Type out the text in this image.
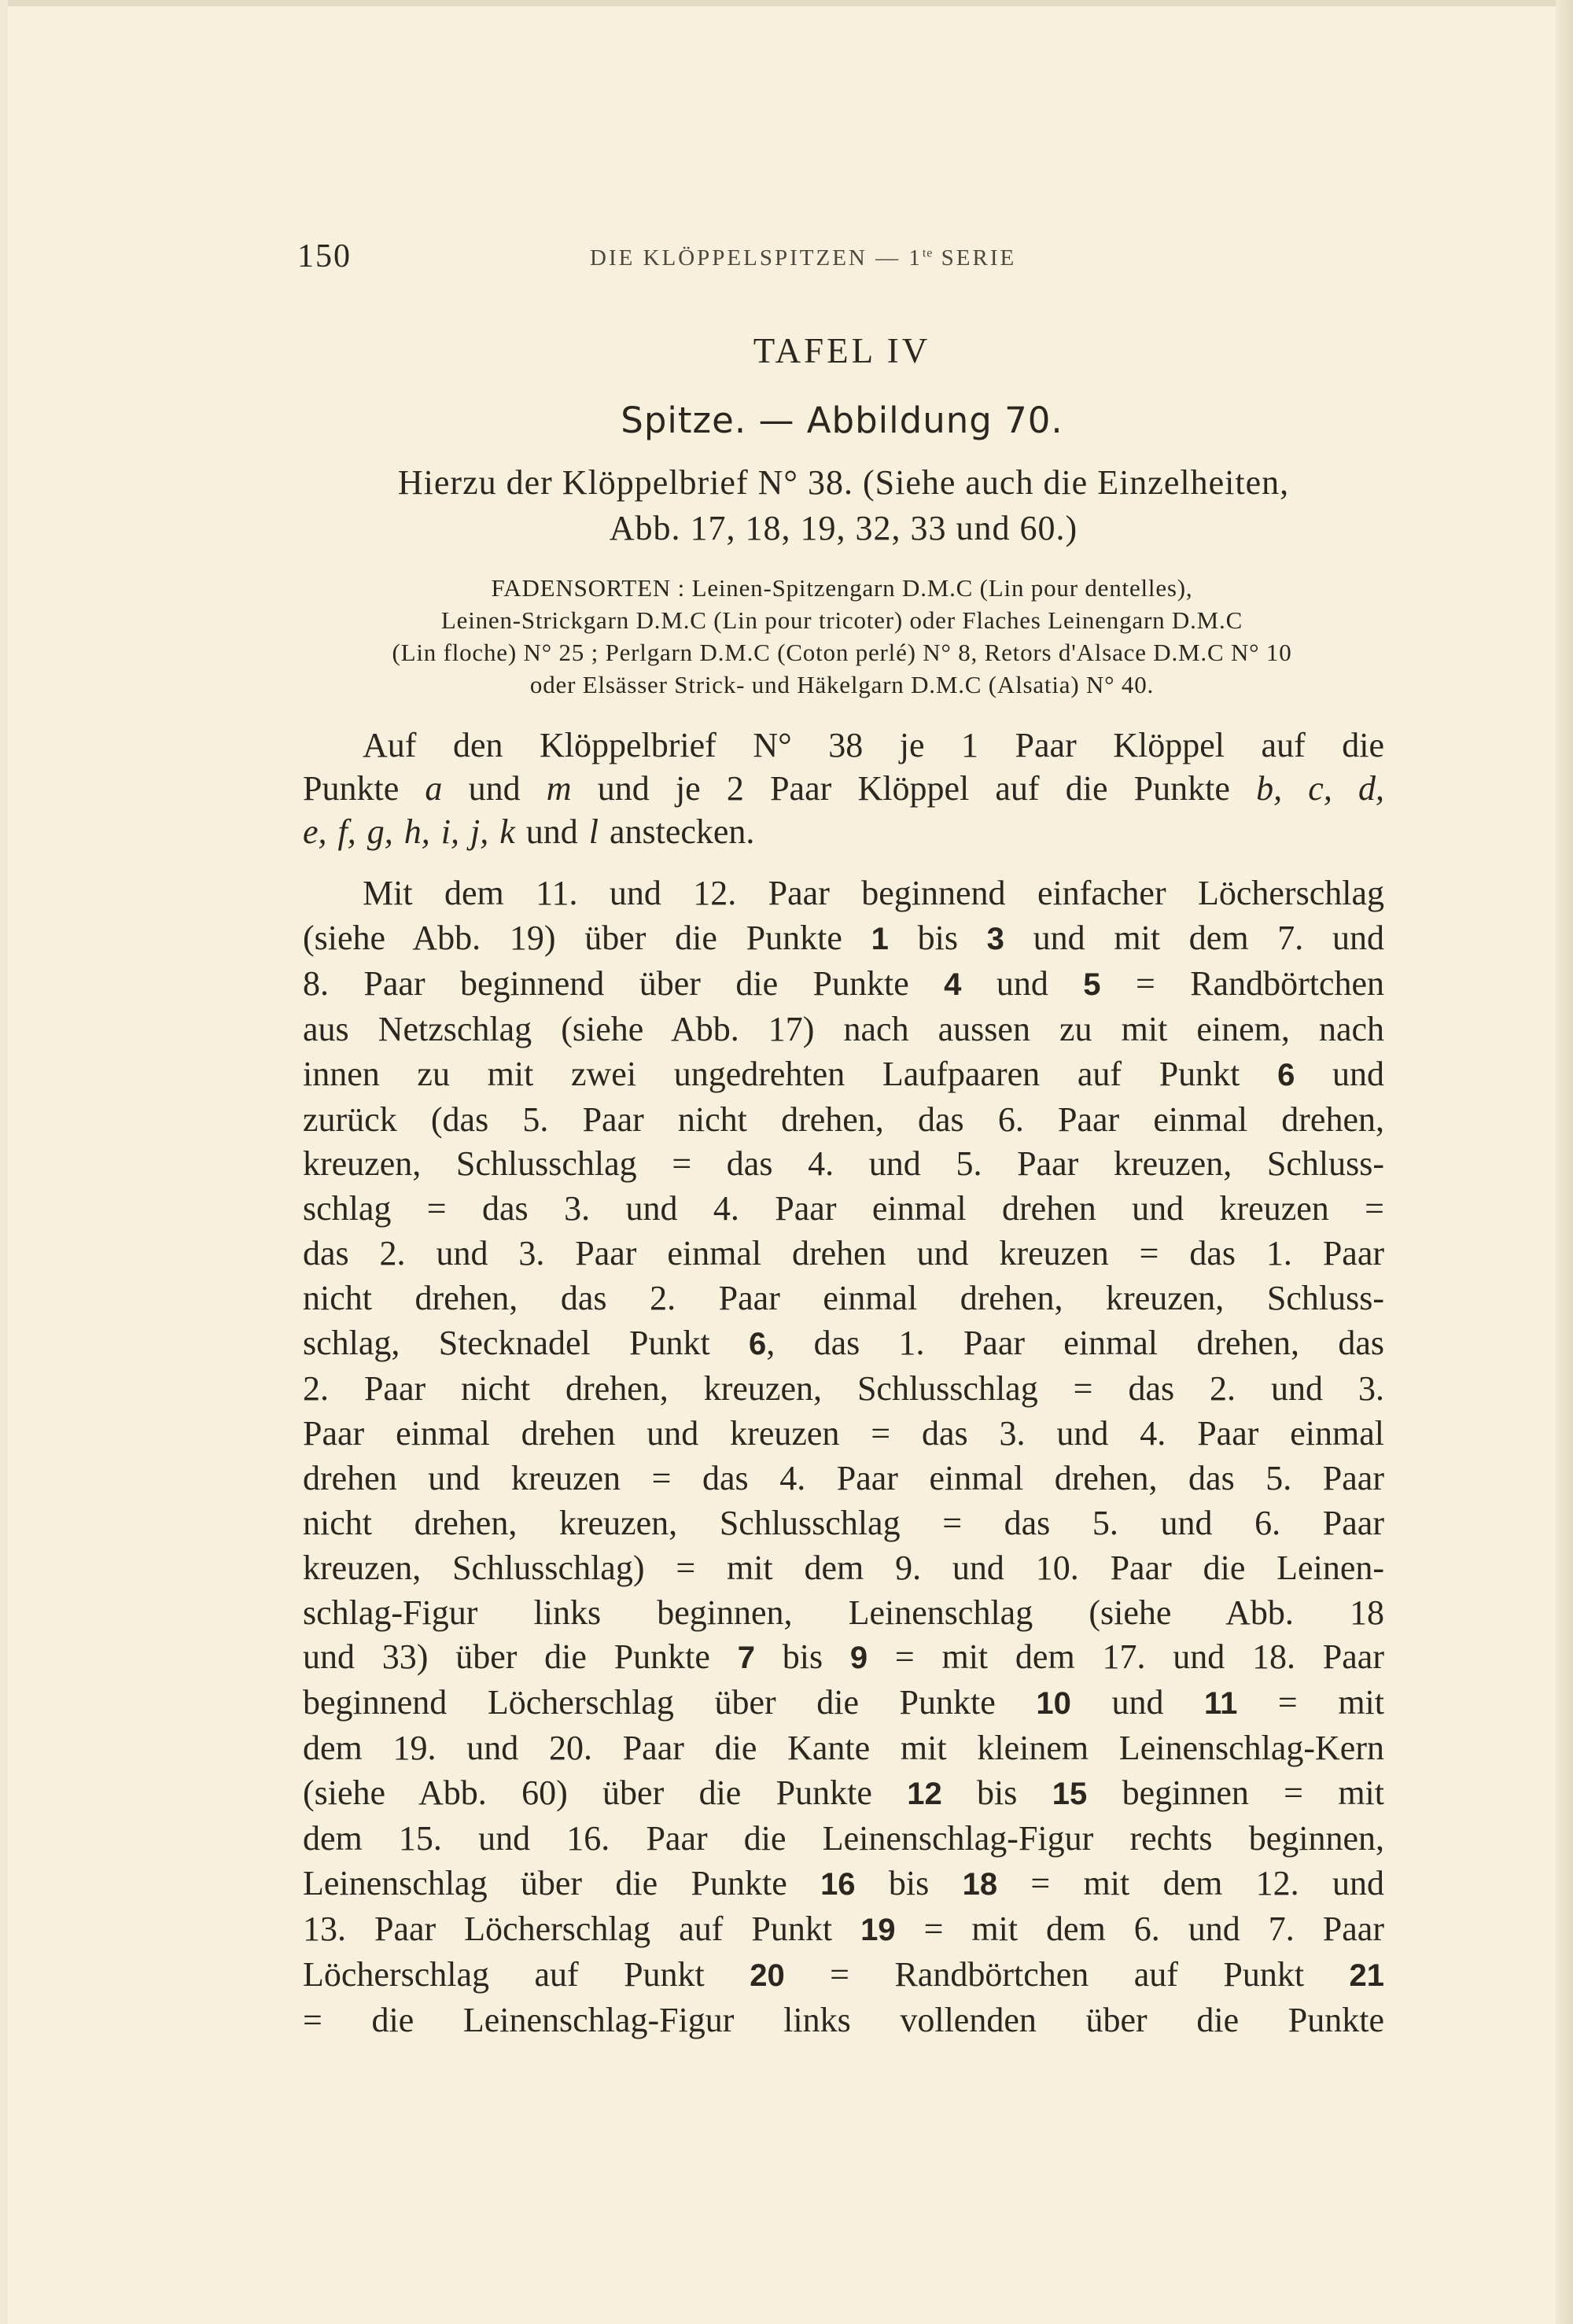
150	DIE KLÖPPELSPITZEN — $1^{te}$ SERIE
TAFEL IV
Spitze. — Abbildung 70.
Hierzu der Klöppelbrief N° 38. (Siehe auch die Einzelheiten,
Abb. 17, 18, 19, 32, 33 und 60.)
FADENSORTEN : Leinen-Spitzengarn D.M.C (Lin pour dentelles),
Leinen-Strickgarn D.M.C (Lin pour tricoter) oder Flaches Leinengarn D.M.C
(Lin floche) N° 25 ; Perlgarn D.M.C (Coton perlé) N° 8, Retors d'Alsace D.M.C N° 10
oder Elsässer Strick- und Häkelgarn D.M.C (Alsatia) N° 40.
Auf den Klöppelbrief N° 38 je 1 Paar Klöppel auf die
Punkte a und m und je 2 Paar Klöppel auf die Punkte b, c, d,
e, f, g, h, i, j, k und l anstecken.
Mit dem 11. und 12. Paar beginnend einfacher Löcherschlag
(siehe Abb. 19) über die Punkte 1 bis 3 und mit dem 7. und
8. Paar beginnend über die Punkte 4 und 5 = Randbörtchen
aus Netzschlag (siehe Abb. 17) nach aussen zu mit einem, nach
innen zu mit zwei ungedrehten Laufpaaren auf Punkt 6 und
zurück (das 5. Paar nicht drehen, das 6. Paar einmal drehen,
kreuzen, Schlusschlag = das 4. und 5. Paar kreuzen, Schluss-
schlag = das 3. und 4. Paar einmal drehen und kreuzen =
das 2. und 3. Paar einmal drehen und kreuzen = das 1. Paar
nicht drehen, das 2. Paar einmal drehen, kreuzen, Schluss-
schlag, Stecknadel Punkt 6, das 1. Paar einmal drehen, das
2. Paar nicht drehen, kreuzen, Schlusschlag = das 2. und 3.
Paar einmal drehen und kreuzen = das 3. und 4. Paar einmal
drehen und kreuzen = das 4. Paar einmal drehen, das 5. Paar
nicht drehen, kreuzen, Schlusschlag = das 5. und 6. Paar
kreuzen, Schlusschlag) = mit dem 9. und 10. Paar die Leinen-
schlag-Figur links beginnen, Leinenschlag (siehe Abb. 18
und 33) über die Punkte 7 bis 9 = mit dem 17. und 18. Paar
beginnend Löcherschlag über die Punkte 10 und 11 = mit
dem 19. und 20. Paar die Kante mit kleinem Leinenschlag-Kern
(siehe Abb. 60) über die Punkte 12 bis 15 beginnen = mit
dem 15. und 16. Paar die Leinenschlag-Figur rechts beginnen,
Leinenschlag über die Punkte 16 bis 18 = mit dem 12. und
13. Paar Löcherschlag auf Punkt 19 = mit dem 6. und 7. Paar
Löcherschlag auf Punkt 20 = Randbörtchen auf Punkt 21
= die Leinenschlag-Figur links vollenden über die Punkte
